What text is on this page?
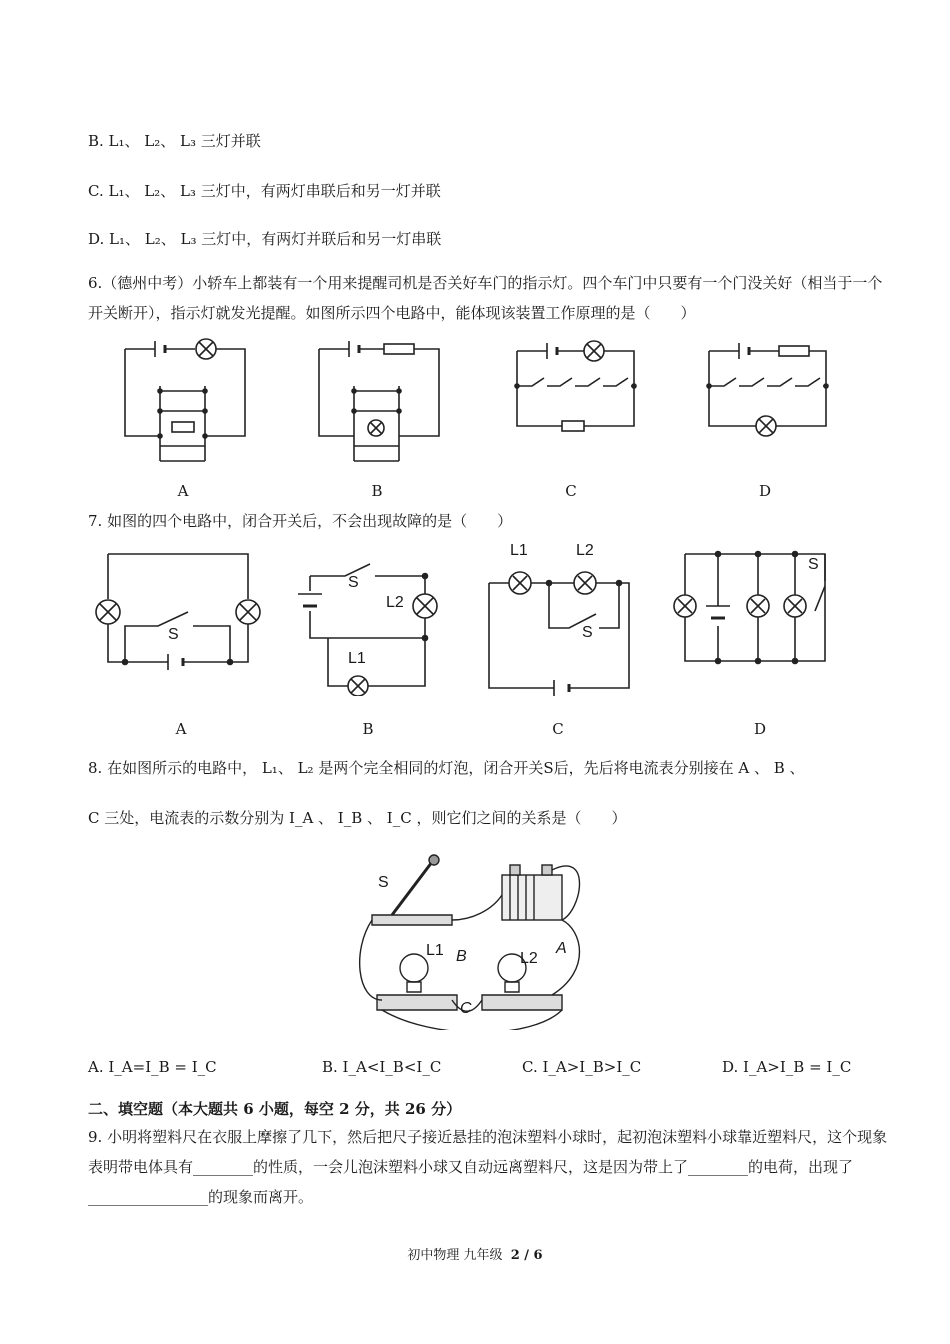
B. L₁、 L₂、 L₃ 三灯并联
C. L₁、 L₂、 L₃ 三灯中，有两灯串联后和另一灯并联
D. L₁、 L₂、 L₃ 三灯中，有两灯并联后和另一灯串联
6.（德州中考）小轿车上都装有一个用来提醒司机是否关好车门的指示灯。四个车门中只要有一个门没关好（相当于一个开关断开），指示灯就发光提醒。如图所示四个电路中，能体现该装置工作原理的是（　　）
A	B	C	D
7. 如图的四个电路中，闭合开关后，不会出现故障的是（　　）
S
S
L2
L1
L1	L2
S
S
A	B	C	D
8. 在如图所示的电路中， L₁、 L₂ 是两个完全相同的灯泡，闭合开关S后，先后将电流表分别接在 A 、 B 、
C 三处，电流表的示数分别为 I_A 、 I_B 、 I_C ，则它们之间的关系是（　　）
S
L1 B	L2
A
C
A. I_A=I_B = I_C	B. I_A<I_B<I_C	C. I_A>I_B>I_C	D. I_A>I_B = I_C
二、填空题（本大题共 6 小题，每空 2 分，共 26 分）
9. 小明将塑料尺在衣服上摩擦了几下，然后把尺子接近悬挂的泡沫塑料小球时，起初泡沫塑料小球靠近塑料尺，这个现象表明带电体具有________的性质，一会儿泡沫塑料小球又自动远离塑料尺，这是因为带上了________的电荷，出现了________________的现象而离开。
初中物理 九年级 2 / 6
